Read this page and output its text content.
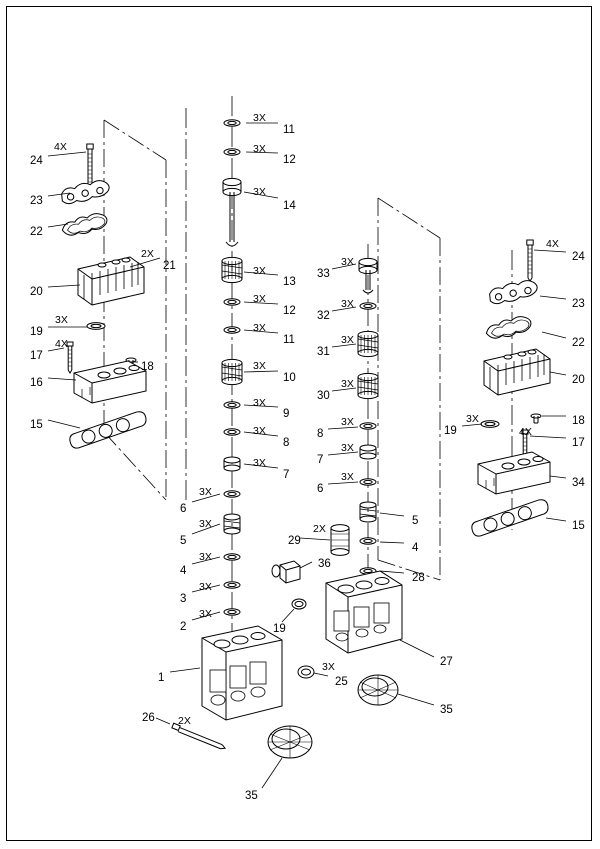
24
4X
23
22
2X
21
20
3X
19
4X
17
18
16
15
3X
11
3X
12
3X
14
3X
13
3X
12
3X
11
3X
10
3X
9
3X
8
3X
7
3X
6
3X
5
3X
4
3X
3
3X
2
1
26 2X
35
25
3X
19
36
29
2X
33
3X
32
3X
31
3X
30
3X
8
3X
7
3X
6
3X
5
4
28
27
35
4X
24
23
22
20
3X	18
19	4X
17
34
15
